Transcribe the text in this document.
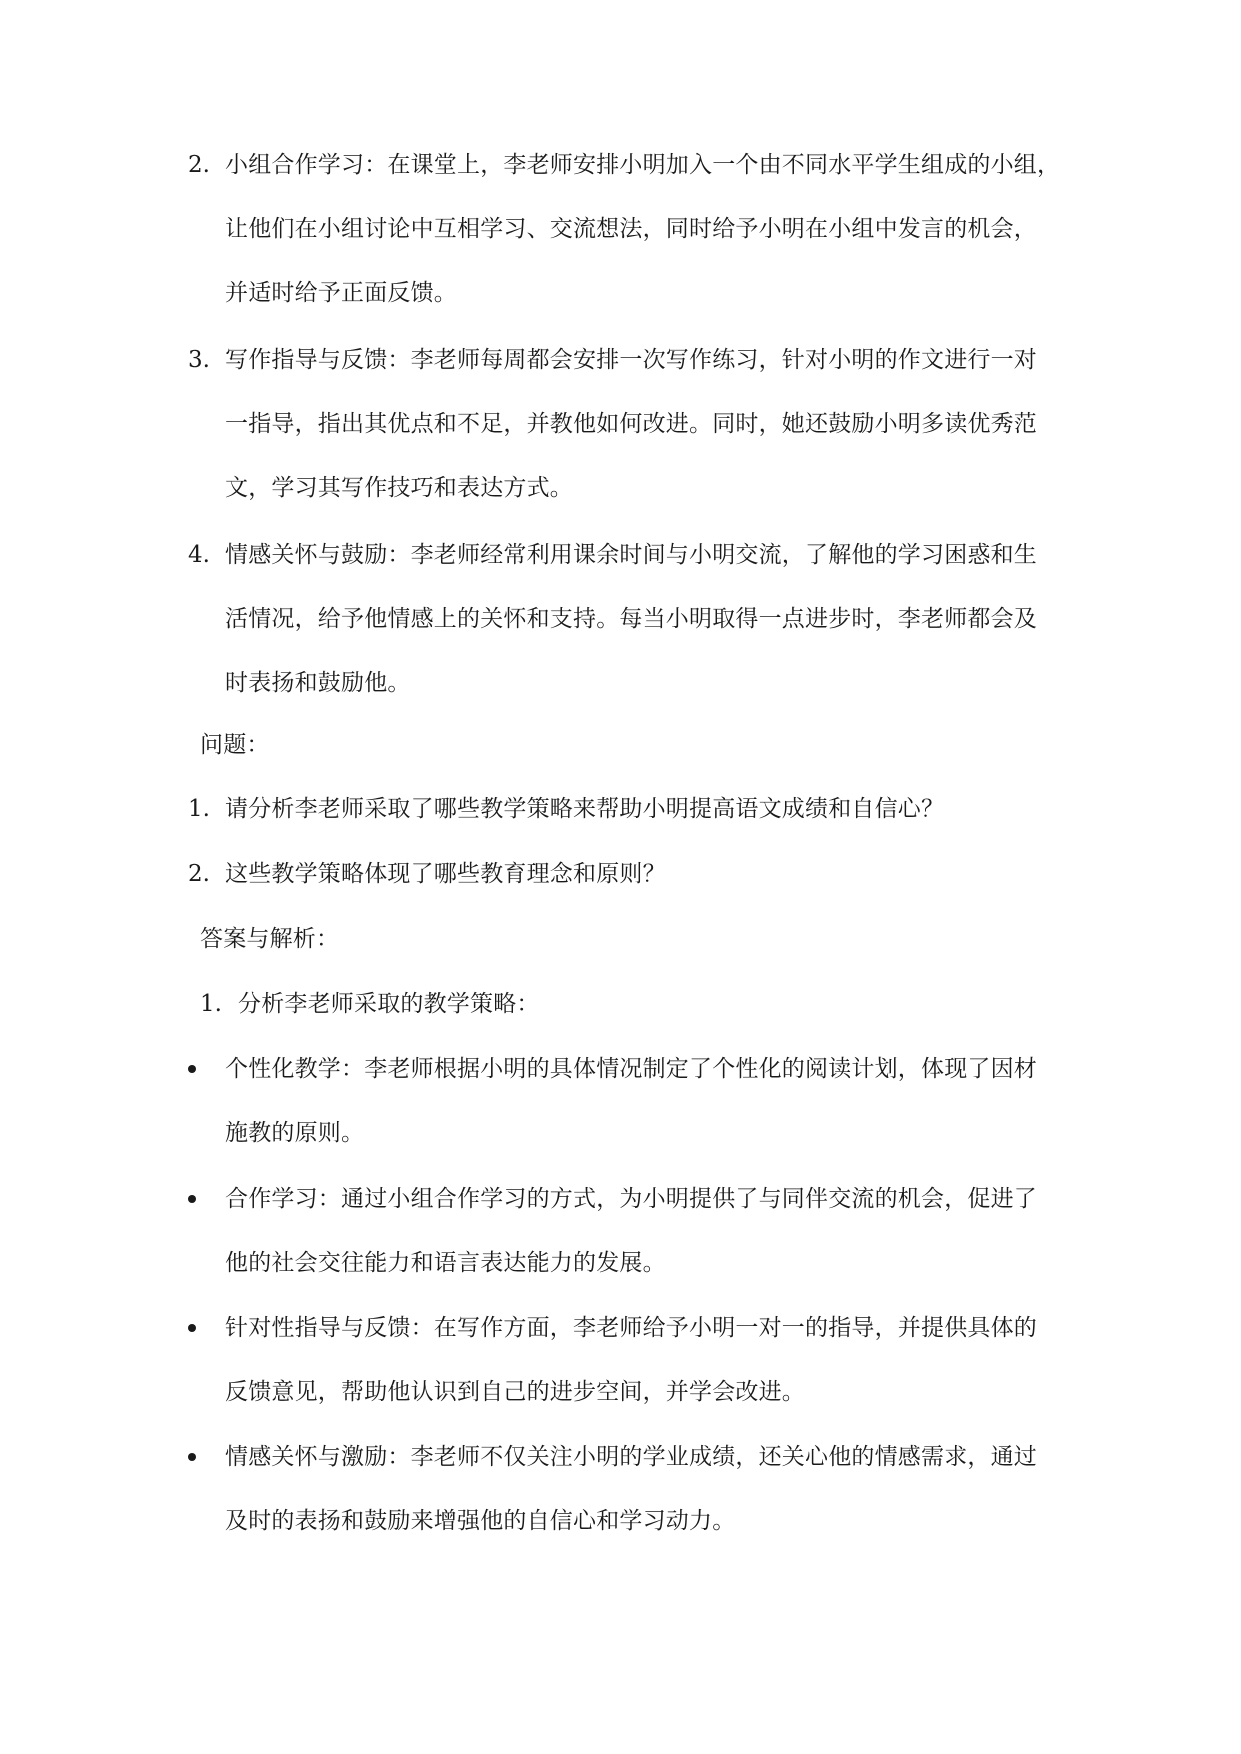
2. 小组合作学习：在课堂上，李老师安排小明加入一个由不同水平学生组成的小组，
让他们在小组讨论中互相学习、交流想法，同时给予小明在小组中发言的机会，
并适时给予正面反馈。
3. 写作指导与反馈：李老师每周都会安排一次写作练习，针对小明的作文进行一对
一指导，指出其优点和不足，并教他如何改进。同时，她还鼓励小明多读优秀范
文，学习其写作技巧和表达方式。
4. 情感关怀与鼓励：李老师经常利用课余时间与小明交流，了解他的学习困惑和生
活情况，给予他情感上的关怀和支持。每当小明取得一点进步时，李老师都会及
时表扬和鼓励他。
问题：
1. 请分析李老师采取了哪些教学策略来帮助小明提高语文成绩和自信心？
2. 这些教学策略体现了哪些教育理念和原则？
答案与解析：
1. 分析李老师采取的教学策略：
个性化教学：李老师根据小明的具体情况制定了个性化的阅读计划，体现了因材
施教的原则。
合作学习：通过小组合作学习的方式，为小明提供了与同伴交流的机会，促进了
他的社会交往能力和语言表达能力的发展。
针对性指导与反馈：在写作方面，李老师给予小明一对一的指导，并提供具体的
反馈意见，帮助他认识到自己的进步空间，并学会改进。
情感关怀与激励：李老师不仅关注小明的学业成绩，还关心他的情感需求，通过
及时的表扬和鼓励来增强他的自信心和学习动力。
